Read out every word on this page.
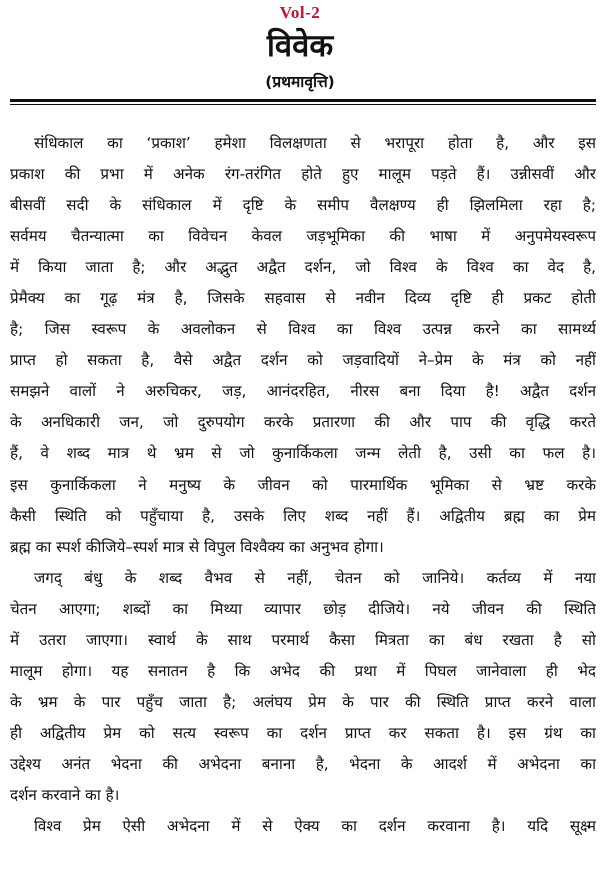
Vol-2
विवेक
(प्रथमावृत्ति)
संधिकाल का ‘प्रकाश’ हमेशा विलक्षणता से भरापूरा होता है, और इस
प्रकाश की प्रभा में अनेक रंग-तरंगित होते हुए मालूम पड़ते हैं। उन्नीसवीं और
बीसवीं सदी के संधिकाल में दृष्टि के समीप वैलक्षण्य ही झिलमिला रहा है;
सर्वमय चैतन्यात्मा का विवेचन केवल जड़भूमिका की भाषा में अनुपमेयस्वरूप
में किया जाता है; और अद्भुत अद्वैत दर्शन, जो विश्व के विश्व का वेद है,
प्रेमैक्य का गूढ़ मंत्र है, जिसके सहवास से नवीन दिव्य दृष्टि ही प्रकट होती
है; जिस स्वरूप के अवलोकन से विश्व का विश्व उत्पन्न करने का सामर्थ्य
प्राप्त हो सकता है, वैसे अद्वैत दर्शन को जड़वादियों ने–प्रेम के मंत्र को नहीं
समझने वालों ने अरुचिकर, जड़, आनंदरहित, नीरस बना दिया है! अद्वैत दर्शन
के अनधिकारी जन, जो दुरुपयोग करके प्रतारणा की और पाप की वृद्धि करते
हैं, वे शब्द मात्र थे भ्रम से जो कुनार्किकला जन्म लेती है, उसी का फल है।
इस कुनार्किकला ने मनुष्य के जीवन को पारमार्थिक भूमिका से भ्रष्ट करके
कैसी स्थिति को पहुँचाया है, उसके लिए शब्द नहीं हैं। अद्वितीय ब्रह्म का प्रेम
ब्रह्म का स्पर्श कीजिये–स्पर्श मात्र से विपुल विश्वैक्य का अनुभव होगा।
जगद् बंधु के शब्द वैभव से नहीं, चेतन को जानिये। कर्तव्य में नया
चेतन आएगा; शब्दों का मिथ्या व्यापार छोड़ दीजिये। नये जीवन की स्थिति
में उतरा जाएगा। स्वार्थ के साथ परमार्थ कैसा मित्रता का बंध रखता है सो
मालूम होगा। यह सनातन है कि अभेद की प्रथा में पिघल जानेवाला ही भेद
के भ्रम के पार पहुँच जाता है; अलंघय प्रेम के पार की स्थिति प्राप्त करने वाला
ही अद्वितीय प्रेम को सत्य स्वरूप का दर्शन प्राप्त कर सकता है। इस ग्रंथ का
उद्देश्य अनंत भेदना की अभेदना बनाना है, भेदना के आदर्श में अभेदना का
दर्शन करवाने का है।
विश्व प्रेम ऐसी अभेदना में से ऐक्य का दर्शन करवाना है। यदि सूक्ष्म
